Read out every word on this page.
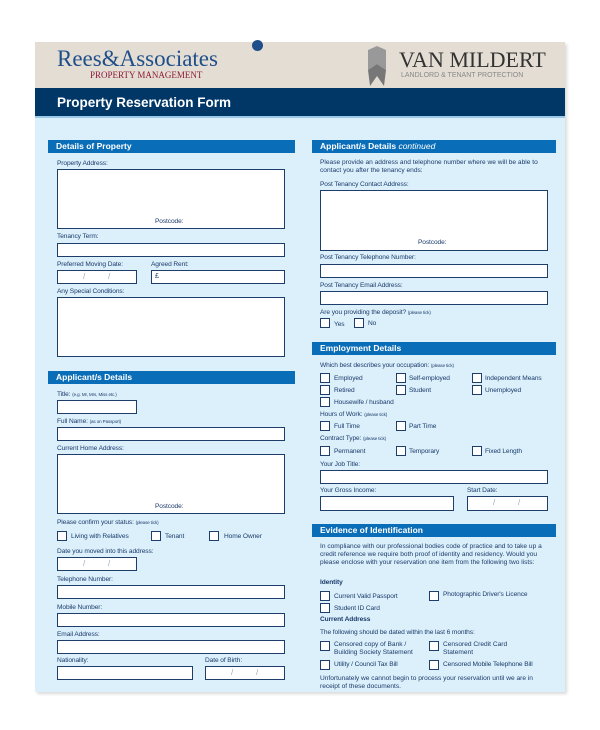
Rees&Associates
PROPERTY MANAGEMENT
VAN MILDERT
LANDLORD & TENANT PROTECTION
Property Reservation Form
Details of Property
Property Address:
Postcode:
Tenancy Term:
Preferred Moving Date:
/	/
Agreed Rent:
£
Any Special Conditions:
Applicant/s Details
Title: (e.g. Mr, Mrs, Miss etc.)
Full Name: (as on Passport)
Current Home Address:
Postcode:
Please confirm your status: (please tick)
Living with Relatives	Tenant	Home Owner
Date you moved into this address:
/	/
Telephone Number:
Mobile Number:
Email Address:
Nationality:	Date of Birth:
/	/
Applicant/s Details continued
Please provide an address and telephone number where we will be able to contact you after the tenancy ends:
Post Tenancy Contact Address:
Postcode:
Post Tenancy Telephone Number:
Post Tenancy Email Address:
Are you providing the deposit? (please tick)
Yes	No
Employment Details
Which best describes your occupation: (please tick)
Employed	Self-employed	Independent Means
Retired	Student	Unemployed
Housewife / husband
Hours of Work: (please tick)
Full Time	Part Time
Contract Type: (please tick)
Permanent	Temporary	Fixed Length
Your Job Title:
Your Gross Income:	Start Date:
/	/
Evidence of Identification
In compliance with our professional bodies code of practice and to take up a credit reference we require both proof of identity and residency. Would you please enclose with your reservation one item from the following two lists:
Identity
Current Valid Passport	Photographic Driver's Licence
Student ID Card
Current Address
The following should be dated within the last 6 months:
Censored copy of Bank / Building Society Statement
Censored Credit Card Statement
Utility / Council Tax Bill	Censored Mobile Telephone Bill
Unfortunately we cannot begin to process your reservation until we are in receipt of these documents.
